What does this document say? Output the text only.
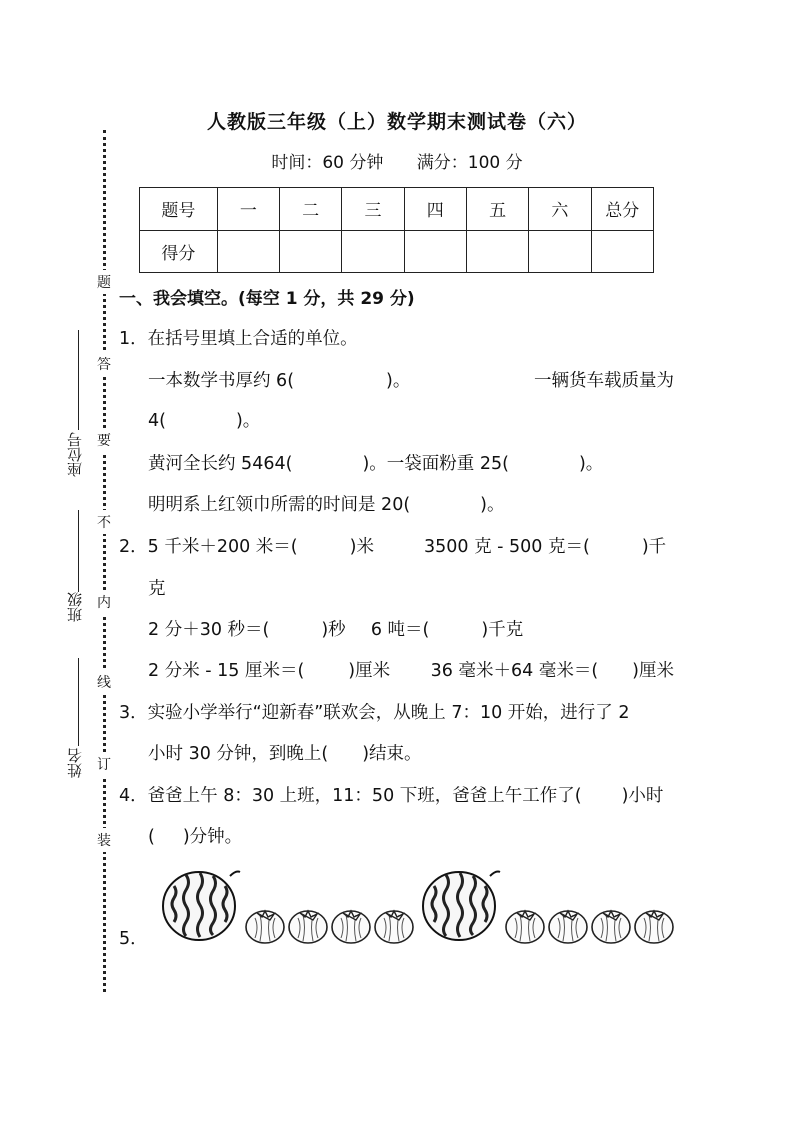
人教版三年级（上）数学期末测试卷（六）
时间：60 分钟 满分：100 分
题号	一	二	三	四	五	六	总分
得分							
题
答
要
不
内
线
订
装
座位号
班级
姓名
一、我会填空。(每空 1 分，共 29 分)
1．在括号里填上合适的单位。
一本数学书厚约 6(	)。	一辆货车载质量为
4(	)。
黄河全长约 5464(	)。一袋面粉重 25(	)。
明明系上红领巾所需的时间是 20(	)。
2．5 千米＋200 米＝(	)米	3500 克 - 500 克＝(	)千
克
2 分＋30 秒＝(	)秒 6 吨＝(	)千克
2 分米 - 15 厘米＝(	)厘米 36 毫米＋64 毫米＝( )厘米
3．实验小学举行“迎新春”联欢会，从晚上 7：10 开始，进行了 2
小时 30 分钟，到晚上( )结束。
4．爸爸上午 8：30 上班，11：50 下班，爸爸上午工作了( )小时
( )分钟。
5．
